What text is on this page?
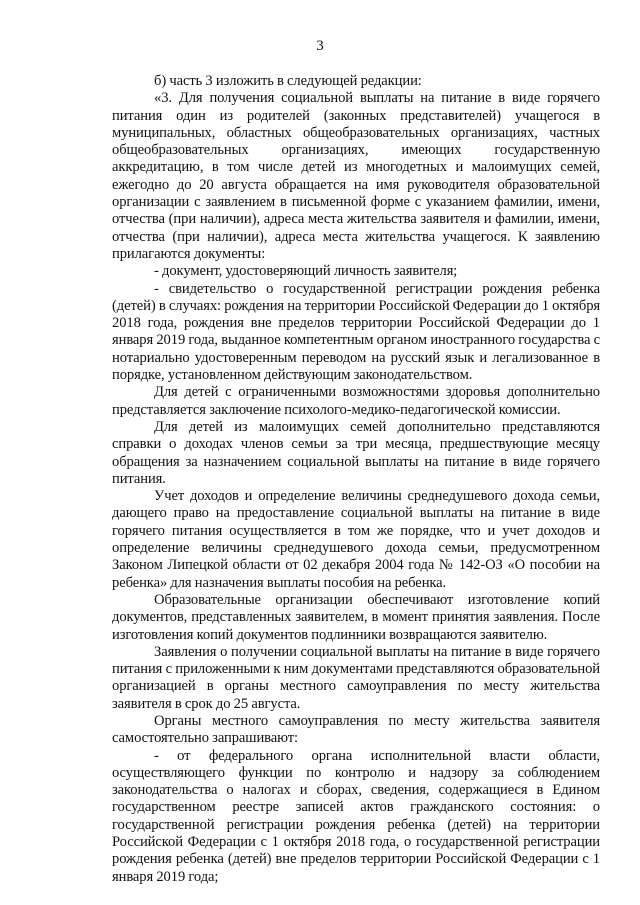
3

б) часть 3 изложить в следующей редакции:

«3. Для получения социальной выплаты на питание в виде горячего питания один из родителей (законных представителей) учащегося в муниципальных, областных общеобразовательных организациях, частных общеобразовательных организациях, имеющих государственную аккредитацию, в том числе детей из многодетных и малоимущих семей, ежегодно до 20 августа обращается на имя руководителя образовательной организации с заявлением в письменной форме с указанием фамилии, имени, отчества (при наличии), адреса места жительства заявителя и фамилии, имени, отчества (при наличии), адреса места жительства учащегося. К заявлению прилагаются документы:

- документ, удостоверяющий личность заявителя;

- свидетельство о государственной регистрации рождения ребенка (детей) в случаях: рождения на территории Российской Федерации до 1 октября 2018 года, рождения вне пределов территории Российской Федерации до 1 января 2019 года, выданное компетентным органом иностранного государства с нотариально удостоверенным переводом на русский язык и легализованное в порядке, установленном действующим законодательством.

Для детей с ограниченными возможностями здоровья дополнительно представляется заключение психолого-медико-педагогической комиссии.

Для детей из малоимущих семей дополнительно представляются справки о доходах членов семьи за три месяца, предшествующие месяцу обращения за назначением социальной выплаты на питание в виде горячего питания.

Учет доходов и определение величины среднедушевого дохода семьи, дающего право на предоставление социальной выплаты на питание в виде горячего питания осуществляется в том же порядке, что и учет доходов и определение величины среднедушевого дохода семьи, предусмотренном Законом Липецкой области от 02 декабря 2004 года № 142-ОЗ «О пособии на ребенка» для назначения выплаты пособия на ребенка.

Образовательные организации обеспечивают изготовление копий документов, представленных заявителем, в момент принятия заявления. После изготовления копий документов подлинники возвращаются заявителю.

Заявления о получении социальной выплаты на питание в виде горячего питания с приложенными к ним документами представляются образовательной организацией в органы местного самоуправления по месту жительства заявителя в срок до 25 августа.

Органы местного самоуправления по месту жительства заявителя самостоятельно запрашивают:

- от федерального органа исполнительной власти области, осуществляющего функции по контролю и надзору за соблюдением законодательства о налогах и сборах, сведения, содержащиеся в Едином государственном реестре записей актов гражданского состояния: о государственной регистрации рождения ребенка (детей) на территории Российской Федерации с 1 октября 2018 года, о государственной регистрации рождения ребенка (детей) вне пределов территории Российской Федерации с 1 января 2019 года;
